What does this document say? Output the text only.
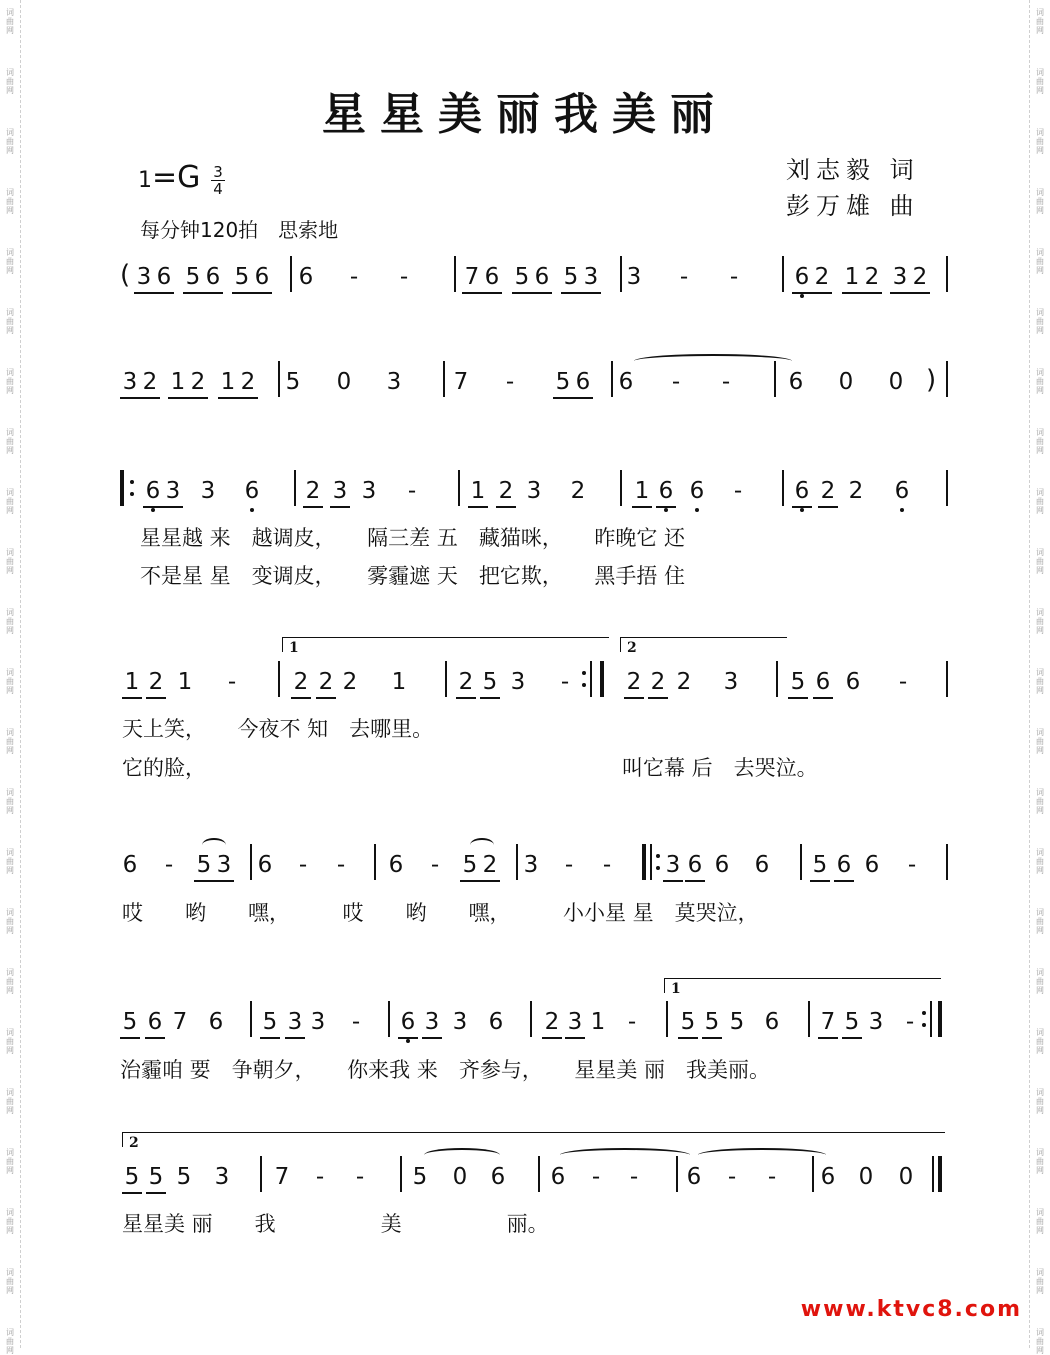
词
曲
网
词
曲
网
词
曲
网
词
曲
网
词
曲
网
词
曲
网
词
曲
网
词
曲
网
词
曲
网
词
曲
网
词
曲
网
词
曲
网
词
曲
网
词
曲
网
词
曲
网
词
曲
网
词
曲
网
词
曲
网
词
曲
网
词
曲
网
词
曲
网
词
曲
网
词
曲
网
词
曲
网
词
曲
网
词
曲
网
词
曲
网
词
曲
网
词
曲
网
词
曲
网
词
曲
网
词
曲
网
词
曲
网
词
曲
网
词
曲
网
词
曲
网
词
曲
网
词
曲
网
词
曲
网
词
曲
网
词
曲
网
词
曲
网
词
曲
网
词
曲
网
词
曲
网
词
曲
网
星星美丽我美丽
刘志毅 词
彭万雄 曲
$1=G \frac{3}{4}$
每分钟120拍　思索地
( 3 6 5 6 5 6 6 - - 7 6 5 6 5 3 3 - - 6 2 1 2 3 2
3 2 1 2 1 2 5 0 3 7 - 5 6 6 - -	6 0 0 )
6 3 3 6 2 3 3 - 1 2 3 2 1 6 6 - 6 2 2 6
1 2 1 -	2 2 2 1 2 5 3 -	2 2 2 3 5 6 6 -
6 - 5 3 6 - - 6 - 5 2 3 - - 3 6 6 6 5 6 6 -
5 6 7 6 5 3 3 - 6 3 3 6 2 3 1 - 5 5 5 6 7 5 3 -
5 5 5 3 7 - - 5 0 6 6 - - 6 - - 6 0 0
星星越 来　越调皮，　　隔三差 五　藏猫咪，　　昨晚它 还
不是星 星　变调皮，　　雾霾遮 天　把它欺，　　黑手捂 住
天上笑，　　今夜不 知　去哪里。
它的脸，	叫它幕 后　去哭泣。
哎　　哟　　嘿，　　　哎　　哟　　嘿，　　　小小星 星　莫哭泣，
治霾咱 要　争朝夕，　　你来我 来　齐参与，　　星星美 丽　我美丽。
星星美 丽　　我　　　　　美　　　　　丽。
1	2
1
2
www.ktvc8.com
